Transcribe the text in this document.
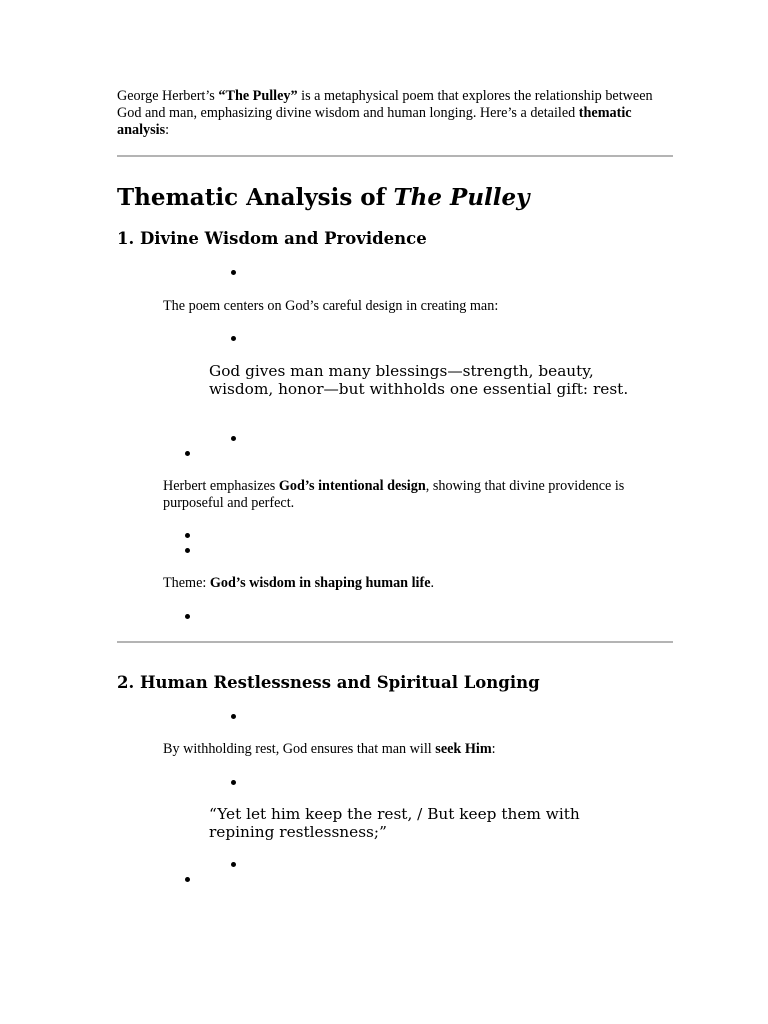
George Herbert’s “The Pulley” is a metaphysical poem that explores the relationship between God and man, emphasizing divine wisdom and human longing. Here’s a detailed thematic analysis:
Thematic Analysis of The Pulley
1. Divine Wisdom and Providence
The poem centers on God’s careful design in creating man:
God gives man many blessings—strength, beauty, wisdom, honor—but withholds one essential gift: rest.
Herbert emphasizes God’s intentional design, showing that divine providence is purposeful and perfect.
Theme: God’s wisdom in shaping human life.
2. Human Restlessness and Spiritual Longing
By withholding rest, God ensures that man will seek Him:
“Yet let him keep the rest, / But keep them with repining restlessness;”
